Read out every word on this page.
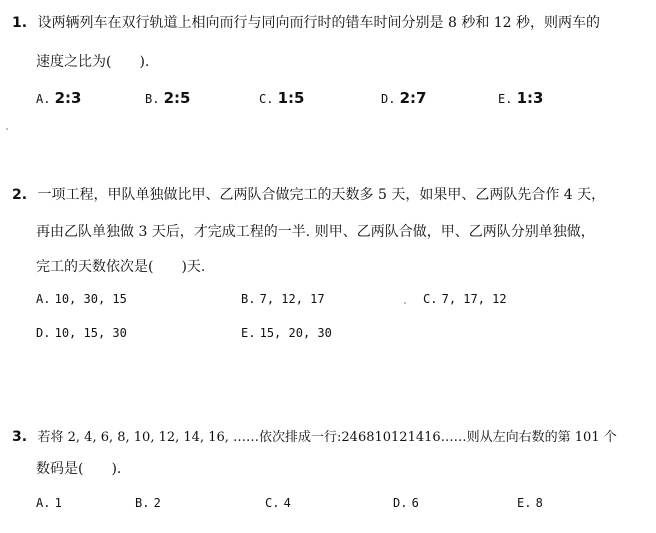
1. 设两辆列车在双行轨道上相向而行与同向而行时的错车时间分别是 8 秒和 12 秒，则两车的
速度之比为(　　).
A. 2:3	B. 2:5	C. 1:5	D. 2:7	E. 1:3
2. 一项工程，甲队单独做比甲、乙两队合做完工的天数多 5 天，如果甲、乙两队先合作 4 天，
再由乙队单独做 3 天后，才完成工程的一半. 则甲、乙两队合做，甲、乙两队分别单独做，
完工的天数依次是(　　)天.
A. 10, 30, 15	B. 7, 12, 17	C. 7, 17, 12
D. 10, 15, 30	E. 15, 20, 30
3. 若将 2, 4, 6, 8, 10, 12, 14, 16, ……依次排成一行:246810121416……则从左向右数的第 101 个
数码是(　　).
A. 1	B. 2	C. 4	D. 6	E. 8
